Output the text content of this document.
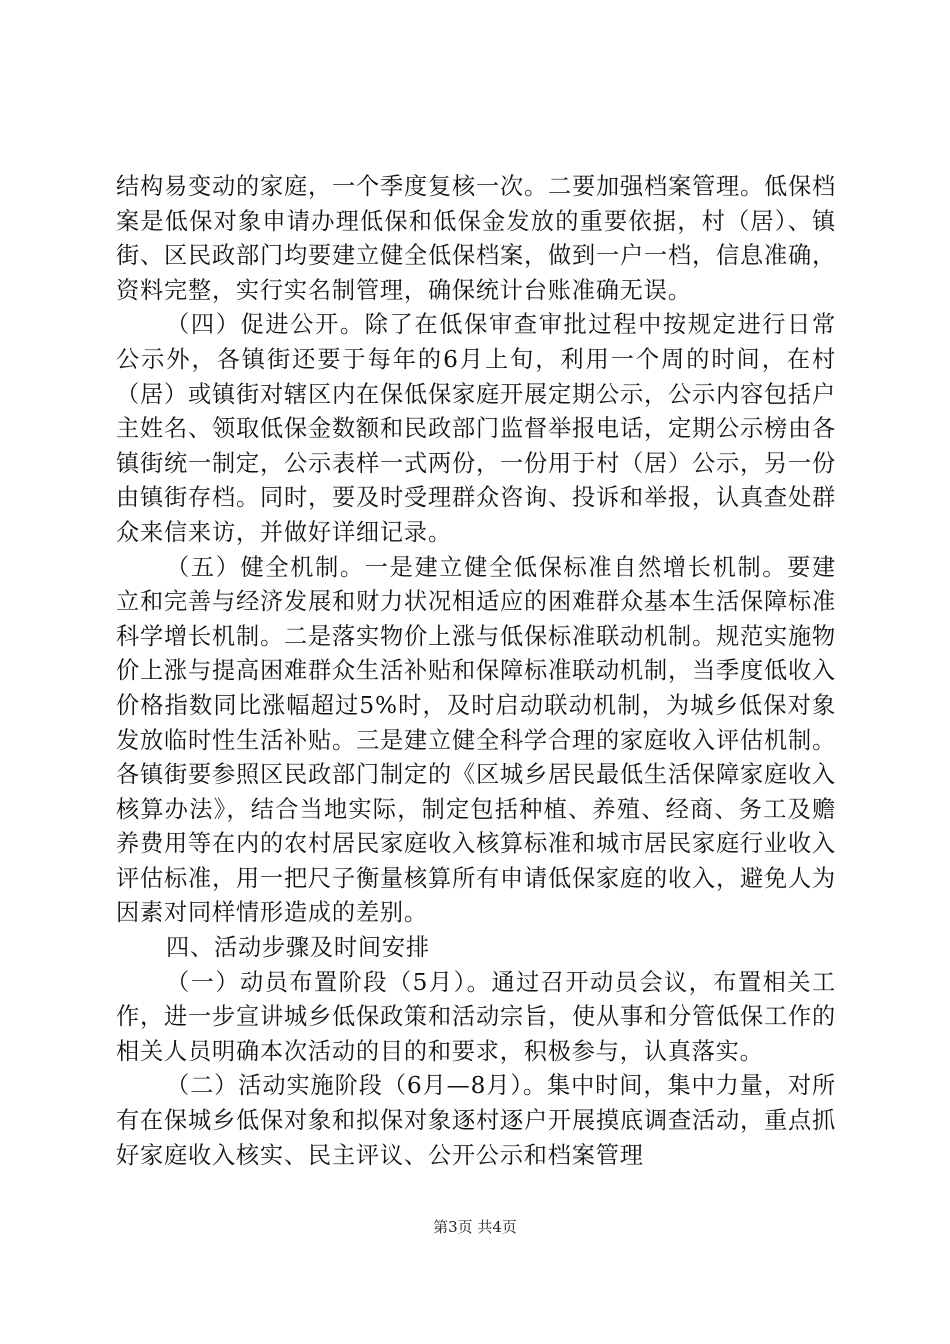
结构易变动的家庭，一个季度复核一次。二要加强档案管理。低保档案是低保对象申请办理低保和低保金发放的重要依据，村（居）、镇街、区民政部门均要建立健全低保档案，做到一户一档，信息准确，资料完整，实行实名制管理，确保统计台账准确无误。

（四）促进公开。除了在低保审查审批过程中按规定进行日常公示外，各镇街还要于每年的6月上旬，利用一个周的时间，在村（居）或镇街对辖区内在保低保家庭开展定期公示，公示内容包括户主姓名、领取低保金数额和民政部门监督举报电话，定期公示榜由各镇街统一制定，公示表样一式两份，一份用于村（居）公示，另一份由镇街存档。同时，要及时受理群众咨询、投诉和举报，认真查处群众来信来访，并做好详细记录。

（五）健全机制。一是建立健全低保标准自然增长机制。要建立和完善与经济发展和财力状况相适应的困难群众基本生活保障标准科学增长机制。二是落实物价上涨与低保标准联动机制。规范实施物价上涨与提高困难群众生活补贴和保障标准联动机制，当季度低收入价格指数同比涨幅超过5%时，及时启动联动机制，为城乡低保对象发放临时性生活补贴。三是建立健全科学合理的家庭收入评估机制。各镇街要参照区民政部门制定的《区城乡居民最低生活保障家庭收入核算办法》，结合当地实际，制定包括种植、养殖、经商、务工及赡养费用等在内的农村居民家庭收入核算标准和城市居民家庭行业收入评估标准，用一把尺子衡量核算所有申请低保家庭的收入，避免人为因素对同样情形造成的差别。

四、活动步骤及时间安排

（一）动员布置阶段（5月）。通过召开动员会议，布置相关工作，进一步宣讲城乡低保政策和活动宗旨，使从事和分管低保工作的相关人员明确本次活动的目的和要求，积极参与，认真落实。

（二）活动实施阶段（6月—8月）。集中时间，集中力量，对所有在保城乡低保对象和拟保对象逐村逐户开展摸底调查活动，重点抓好家庭收入核实、民主评议、公开公示和档案管理

第3页 共4页
